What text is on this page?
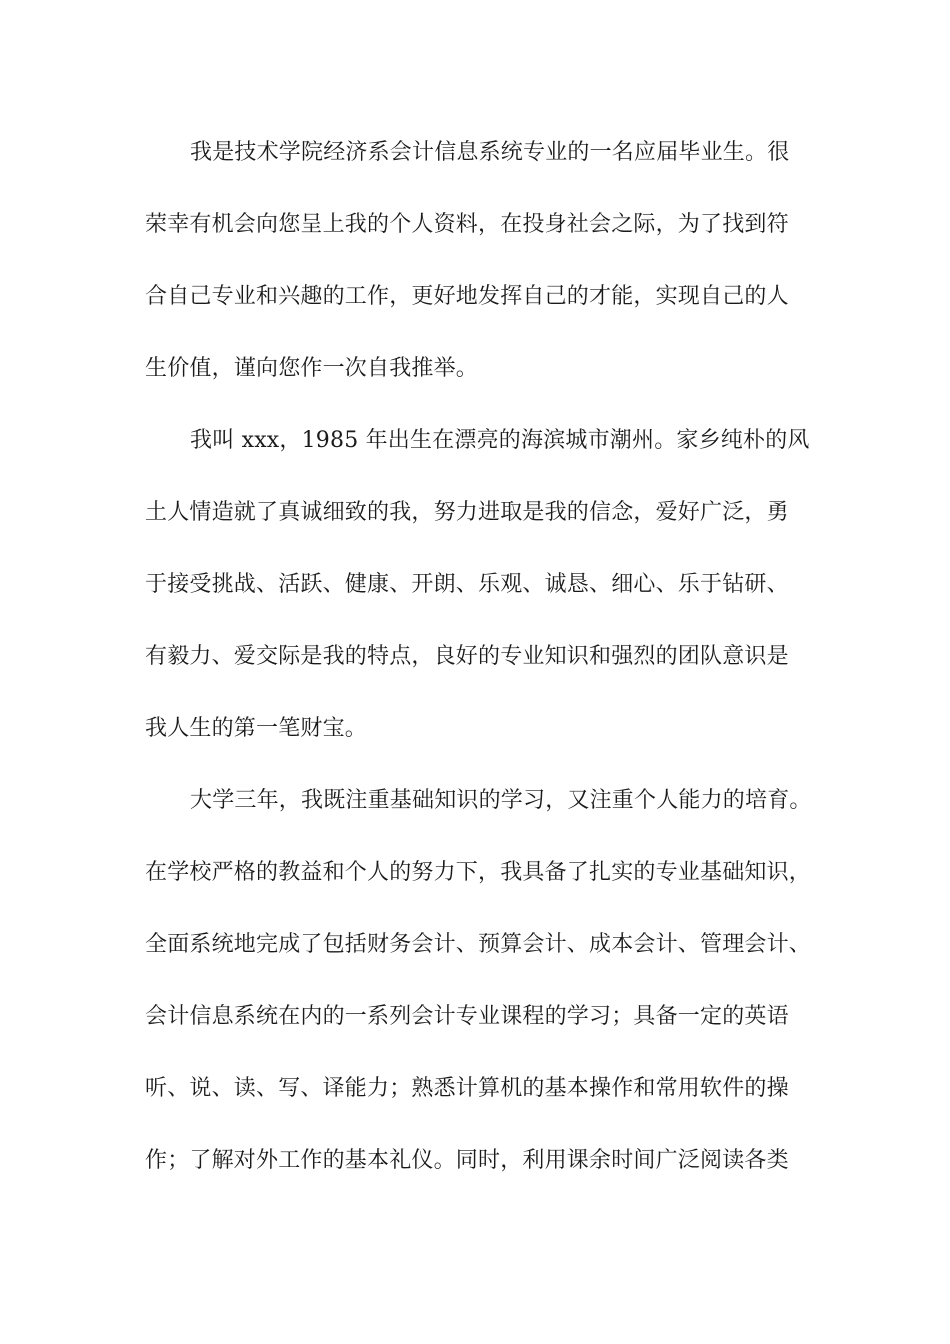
我是技术学院经济系会计信息系统专业的一名应届毕业生。很
荣幸有机会向您呈上我的个人资料，在投身社会之际，为了找到符
合自己专业和兴趣的工作，更好地发挥自己的才能，实现自己的人
生价值，谨向您作一次自我推举。
我叫 xxx，1985 年出生在漂亮的海滨城市潮州。家乡纯朴的风
土人情造就了真诚细致的我，努力进取是我的信念，爱好广泛，勇
于接受挑战、活跃、健康、开朗、乐观、诚恳、细心、乐于钻研、
有毅力、爱交际是我的特点，良好的专业知识和强烈的团队意识是
我人生的第一笔财宝。
大学三年，我既注重基础知识的学习，又注重个人能力的培育。
在学校严格的教益和个人的努力下，我具备了扎实的专业基础知识，
全面系统地完成了包括财务会计、预算会计、成本会计、管理会计、
会计信息系统在内的一系列会计专业课程的学习；具备一定的英语
听、说、读、写、译能力；熟悉计算机的基本操作和常用软件的操
作；了解对外工作的基本礼仪。同时，利用课余时间广泛阅读各类
